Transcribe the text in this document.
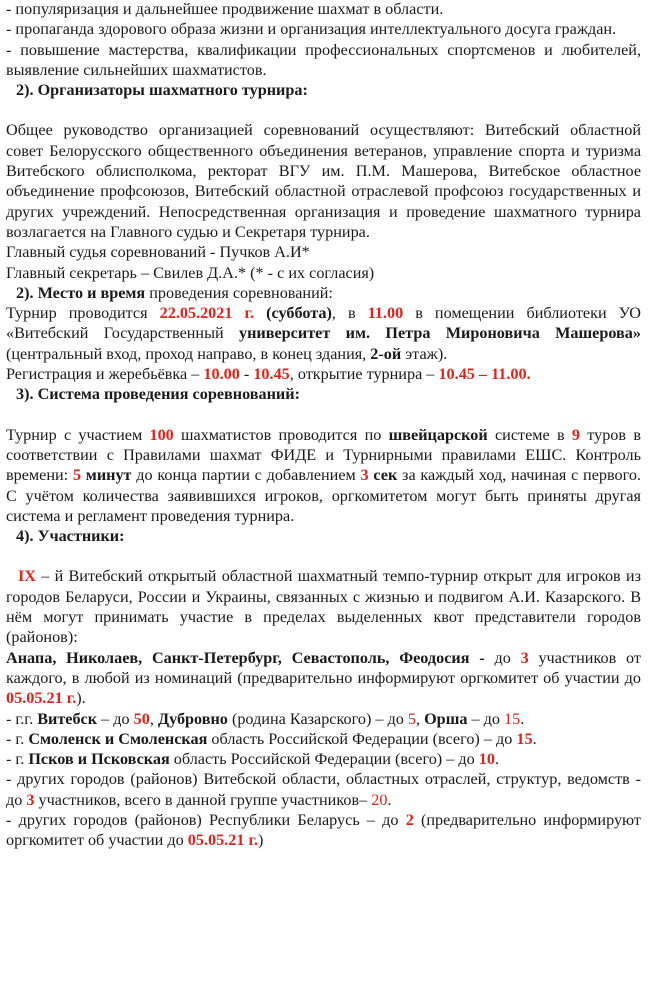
- популяризация и дальнейшее продвижение шахмат в области.

- пропаганда здорового образа жизни и организация интеллектуального досуга граждан.

- повышение мастерства, квалификации профессиональных спортсменов и любителей, выявление сильнейших шахматистов.

2). Организаторы шахматного турнира:

Общее руководство организацией соревнований осуществляют: Витебский областной совет Белорусского общественного объединения ветеранов, управление спорта и туризма Витебского облисполкома, ректорат ВГУ им. П.М. Машерова, Витебское областное объединение профсоюзов, Витебский областной отраслевой профсоюз государственных и других учреждений. Непосредственная организация и проведение шахматного турнира возлагается на Главного судью и Секретаря турнира.

Главный судья соревнований - Пучков А.И*

Главный секретарь – Свилев Д.А.* (* - с их согласия)

2). Место и время проведения соревнований:

Турнир проводится 22.05.2021 г. (суббота), в 11.00 в помещении библиотеки УО «Витебский Государственный университет им. Петра Мироновича Машерова» (центральный вход, проход направо, в конец здания, 2-ой этаж).

Регистрация и жеребьёвка – 10.00 - 10.45, открытие турнира – 10.45 – 11.00.

3). Система проведения соревнований:

Турнир с участием 100 шахматистов проводится по швейцарской системе в 9 туров в соответствии с Правилами шахмат ФИДЕ и Турнирными правилами ЕШС. Контроль времени: 5 минут до конца партии с добавлением 3 сек за каждый ход, начиная с первого. С учётом количества заявившихся игроков, оргкомитетом могут быть приняты другая система и регламент проведения турнира.

4). Участники:

IX – й Витебский открытый областной шахматный темпо-турнир открыт для игроков из городов Беларуси, России и Украины, связанных с жизнью и подвигом А.И. Казарского. В нём могут принимать участие в пределах выделенных квот представители городов (районов):

Анапа, Николаев, Санкт-Петербург, Севастополь, Феодосия - до 3 участников от каждого, в любой из номинаций (предварительно информируют оргкомитет об участии до 05.05.21 г.).

- г.г. Витебск – до 50, Дубровно (родина Казарского) – до 5, Орша – до 15.

- г. Смоленск и Смоленская область Российской Федерации (всего) – до 15.

- г. Псков и Псковская область Российской Федерации (всего) – до 10.

- других городов (районов) Витебской области, областных отраслей, структур, ведомств - до 3 участников, всего в данной группе участников– 20.

- других городов (районов) Республики Беларусь – до 2 (предварительно информируют оргкомитет об участии до 05.05.21 г.)
